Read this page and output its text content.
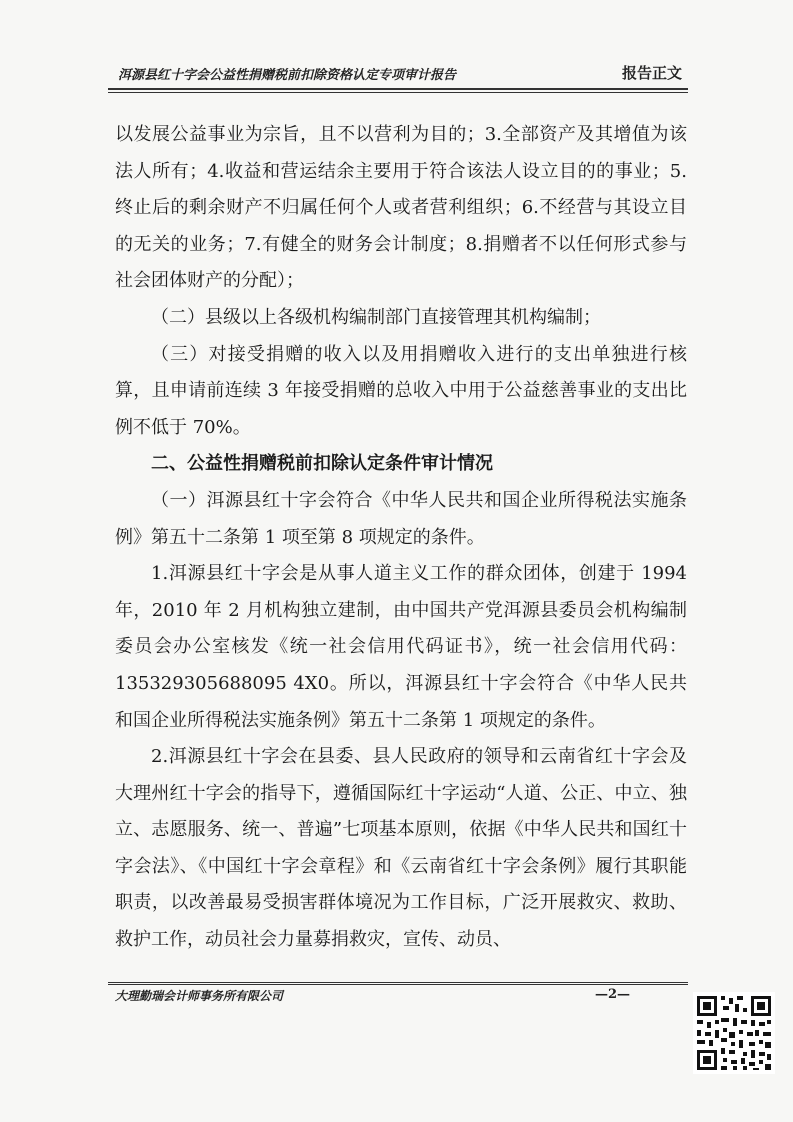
洱源县红十字会公益性捐赠税前扣除资格认定专项审计报告	报告正文

以发展公益事业为宗旨，且不以营利为目的；3.全部资产及其增值为该法人所有；4.收益和营运结余主要用于符合该法人设立目的的事业；5.终止后的剩余财产不归属任何个人或者营利组织；6.不经营与其设立目的无关的业务；7.有健全的财务会计制度；8.捐赠者不以任何形式参与社会团体财产的分配）；

（二）县级以上各级机构编制部门直接管理其机构编制；

（三）对接受捐赠的收入以及用捐赠收入进行的支出单独进行核算，且申请前连续 3 年接受捐赠的总收入中用于公益慈善事业的支出比例不低于 70%。

二、公益性捐赠税前扣除认定条件审计情况

（一）洱源县红十字会符合《中华人民共和国企业所得税法实施条例》第五十二条第 1 项至第 8 项规定的条件。

1.洱源县红十字会是从事人道主义工作的群众团体，创建于 1994 年，2010 年 2 月机构独立建制，由中国共产党洱源县委员会机构编制委员会办公室核发《统一社会信用代码证书》，统一社会信用代码：135329305688095 4X0。所以，洱源县红十字会符合《中华人民共和国企业所得税法实施条例》第五十二条第 1 项规定的条件。

2.洱源县红十字会在县委、县人民政府的领导和云南省红十字会及大理州红十字会的指导下，遵循国际红十字运动“人道、公正、中立、独立、志愿服务、统一、普遍”七项基本原则，依据《中华人民共和国红十字会法》、《中国红十字会章程》和《云南省红十字会条例》履行其职能职责，以改善最易受损害群体境况为工作目标，广泛开展救灾、救助、救护工作，动员社会力量募捐救灾，宣传、动员、

大理勤瑞会计师事务所有限公司	—2—
